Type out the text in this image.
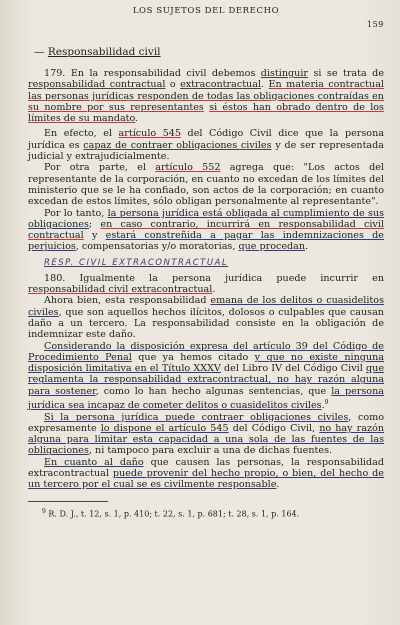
LOS SUJETOS DEL DERECHO
159
— Responsabilidad civil

179. En la responsabilidad civil debemos distinguir si se trata de responsabilidad contractual o extracontractual. En materia contractual las personas jurídicas responden de todas las obligaciones contraídas en su nombre por sus representantes si éstos han obrado dentro de los límites de su mandato.

En efecto, el artículo 545 del Código Civil dice que la persona jurídica es capaz de contraer obligaciones civiles y de ser representada judicial y extrajudicialmente.

Por otra parte, el artículo 552 agrega que: "Los actos del representante de la corporación, en cuanto no excedan de los límites del ministerio que se le ha confiado, son actos de la corporación; en cuanto excedan de estos límites, sólo obligan personalmente al representante".

Por lo tanto, la persona jurídica está obligada al cumplimiento de sus obligaciones; en caso contrario, incurrirá en responsabilidad civil contractual y estará constreñida a pagar las indemnizaciones de perjuicios, compensatorias y/o moratorias, que procedan.

RESP. CIVIL EXTRACONTRACTUAL

180. Igualmente la persona jurídica puede incurrir en responsabilidad civil extracontractual.

Ahora bien, esta responsabilidad emana de los delitos o cuasidelitos civiles, que son aquellos hechos ilícitos, dolosos o culpables que causan daño a un tercero. La responsabilidad consiste en la obligación de indemnizar este daño.

Considerando la disposición expresa del artículo 39 del Código de Procedimiento Penal que ya hemos citado y que no existe ninguna disposición limitativa en el Título XXXV del Libro IV del Código Civil que reglamenta la responsabilidad extracontractual, no hay razón alguna para sostener, como lo han hecho algunas sentencias, que la persona jurídica sea incapaz de cometer delitos o cuasidelitos civiles.$^9$

Si la persona jurídica puede contraer obligaciones civiles, como expresamente lo dispone el artículo 545 del Código Civil, no hay razón alguna para limitar esta capacidad a una sola de las fuentes de las obligaciones, ni tampoco para excluir a una de dichas fuentes.

En cuanto al daño que causen las personas, la responsabilidad extracontractual puede provenir del hecho propio, o bien, del hecho de un tercero por el cual se es civilmente responsable.

$^9$ R. D. J., t. 12, s. 1, p. 410; t. 22, s. 1, p. 681; t. 28, s. 1, p. 164.
